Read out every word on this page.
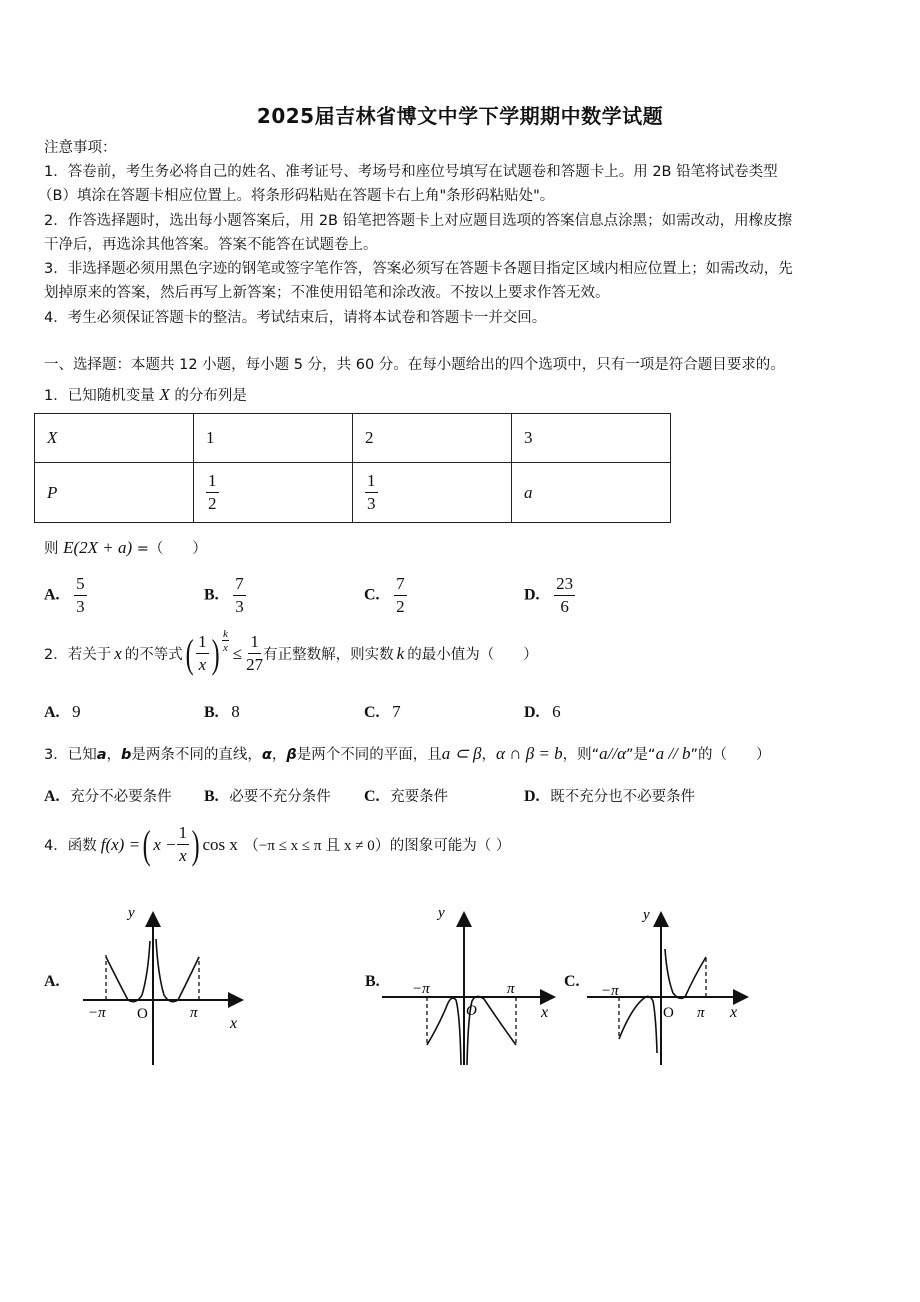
2025届吉林省博文中学下学期期中数学试题
注意事项：
1．答卷前，考生务必将自己的姓名、准考证号、考场号和座位号填写在试题卷和答题卡上。用 2B 铅笔将试卷类型
（B）填涂在答题卡相应位置上。将条形码粘贴在答题卡右上角"条形码粘贴处"。
2．作答选择题时，选出每小题答案后，用 2B 铅笔把答题卡上对应题目选项的答案信息点涂黑；如需改动，用橡皮擦
干净后，再选涂其他答案。答案不能答在试题卷上。
3．非选择题必须用黑色字迹的钢笔或签字笔作答，答案必须写在答题卡各题目指定区域内相应位置上；如需改动，先
划掉原来的答案，然后再写上新答案；不准使用铅笔和涂改液。不按以上要求作答无效。
4．考生必须保证答题卡的整洁。考试结束后，请将本试卷和答题卡一并交回。
一、选择题：本题共 12 小题，每小题 5 分，共 60 分。在每小题给出的四个选项中，只有一项是符合题目要求的。
1．已知随机变量 X 的分布列是
X	1	2	3
P	$\frac{1}{2}$	$\frac{1}{3}$	a
则 E(2X + a) =（　　）
A. $\frac{5}{3}$	B. $\frac{7}{3}$	C. $\frac{7}{2}$	D. $\frac{23}{6}$
2．若关于 x 的不等式 ( $\frac{1}{x}$ ) $\frac{k}{x} \le \frac{1}{27}$ 有正整数解，则实数 k 的最小值为（　　）
A. 9	B. 8	C. 7	D. 6
3．已知a，b是两条不同的直线，α，β是两个不同的平面，且a ⊂ β，α ∩ β = b，则“a//α”是“a // b”的（　　）
A. 充分不必要条件 B. 必要不充分条件 C. 充要条件	D. 既不充分也不必要条件
4．函数 f(x) = ( $x - \frac{1}{x}$ ) cos x （−π ≤ x ≤ π 且 x ≠ 0） 的图象可能为（ ）
A.
y
−π O	π
x
B.
y
−π
O
π
x
C.
y
−π
O π x
